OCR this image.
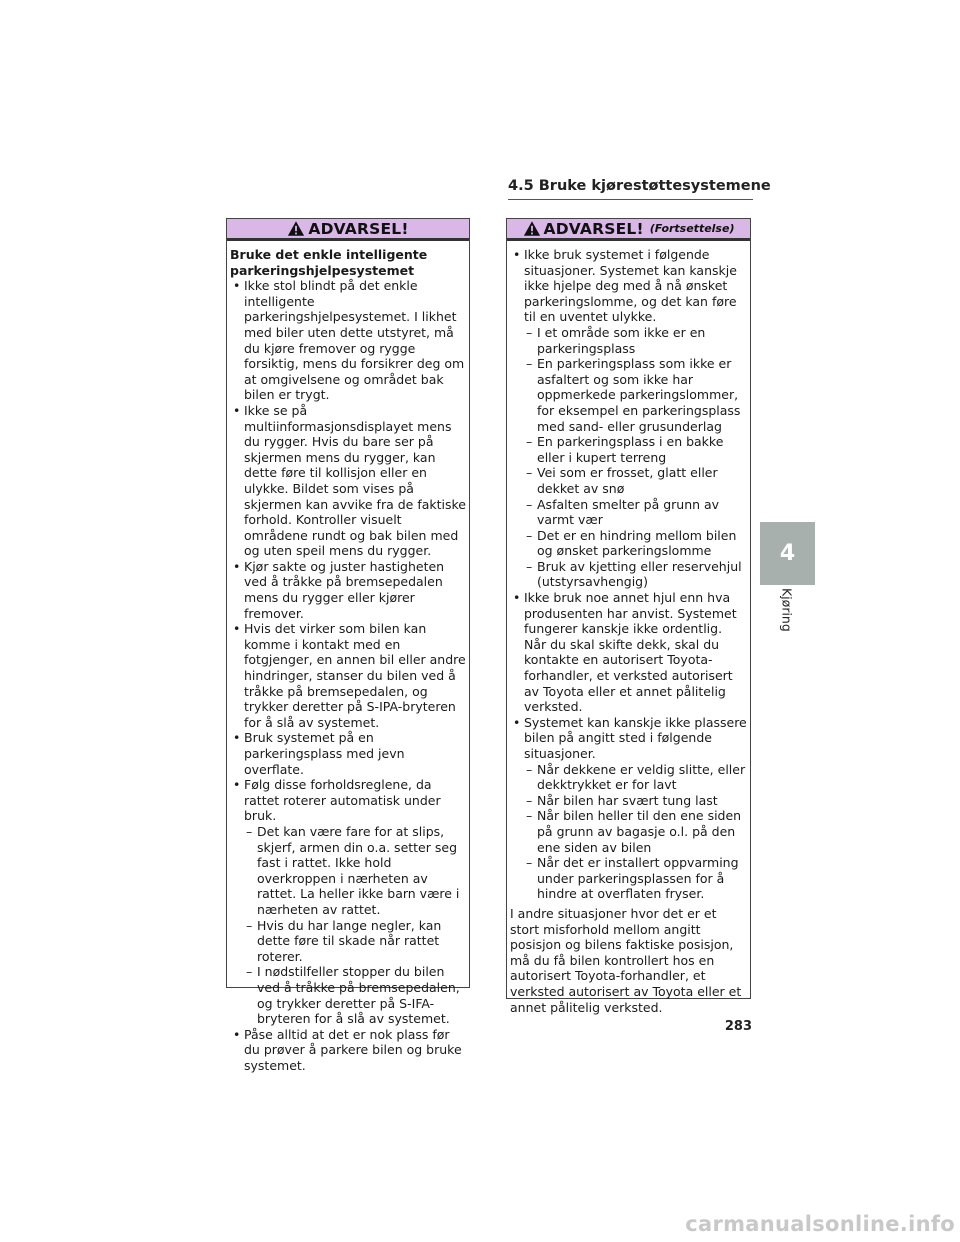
4.5 Bruke kjørestøttesystemene
ADVARSEL!
Bruke det enkle intelligente parkeringshjelpesystemet
• Ikke stol blindt på det enkle intelligente parkeringshjelpesystemet. I likhet med biler uten dette utstyret, må du kjøre fremover og rygge forsiktig, mens du forsikrer deg om at omgivelsene og området bak bilen er trygt.
• Ikke se på multiinformasjonsdisplayet mens du rygger. Hvis du bare ser på skjermen mens du rygger, kan dette føre til kollisjon eller en ulykke. Bildet som vises på skjermen kan avvike fra de faktiske forhold. Kontroller visuelt områdene rundt og bak bilen med og uten speil mens du rygger.
• Kjør sakte og juster hastigheten ved å tråkke på bremsepedalen mens du rygger eller kjører fremover.
• Hvis det virker som bilen kan komme i kontakt med en fotgjenger, en annen bil eller andre hindringer, stanser du bilen ved å tråkke på bremsepedalen, og trykker deretter på S-IPA-bryteren for å slå av systemet.
• Bruk systemet på en parkeringsplass med jevn overflate.
• Følg disse forholdsreglene, da rattet roterer automatisk under bruk.
– Det kan være fare for at slips, skjerf, armen din o.a. setter seg fast i rattet. Ikke hold overkroppen i nærheten av rattet. La heller ikke barn være i nærheten av rattet.
– Hvis du har lange negler, kan dette føre til skade når rattet roterer.
– I nødstilfeller stopper du bilen ved å tråkke på bremsepedalen, og trykker deretter på S-IFA-bryteren for å slå av systemet.
• Påse alltid at det er nok plass før du prøver å parkere bilen og bruke systemet.
ADVARSEL! (Fortsettelse)
• Ikke bruk systemet i følgende situasjoner. Systemet kan kanskje ikke hjelpe deg med å nå ønsket parkeringslomme, og det kan føre til en uventet ulykke.
– I et område som ikke er en parkeringsplass
– En parkeringsplass som ikke er asfaltert og som ikke har oppmerkede parkeringslommer, for eksempel en parkeringsplass med sand- eller grusunderlag
– En parkeringsplass i en bakke eller i kupert terreng
– Vei som er frosset, glatt eller dekket av snø
– Asfalten smelter på grunn av varmt vær
– Det er en hindring mellom bilen og ønsket parkeringslomme
– Bruk av kjetting eller reservehjul (utstyrsavhengig)
• Ikke bruk noe annet hjul enn hva produsenten har anvist. Systemet fungerer kanskje ikke ordentlig. Når du skal skifte dekk, skal du kontakte en autorisert Toyota-forhandler, et verksted autorisert av Toyota eller et annet pålitelig verksted.
• Systemet kan kanskje ikke plassere bilen på angitt sted i følgende situasjoner.
– Når dekkene er veldig slitte, eller dekktrykket er for lavt
– Når bilen har svært tung last
– Når bilen heller til den ene siden på grunn av bagasje o.l. på den ene siden av bilen
– Når det er installert oppvarming under parkeringsplassen for å hindre at overflaten fryser.
I andre situasjoner hvor det er et stort misforhold mellom angitt posisjon og bilens faktiske posisjon, må du få bilen kontrollert hos en autorisert Toyota-forhandler, et verksted autorisert av Toyota eller et annet pålitelig verksted.
4
Kjøring
283
carmanualsonline.info
